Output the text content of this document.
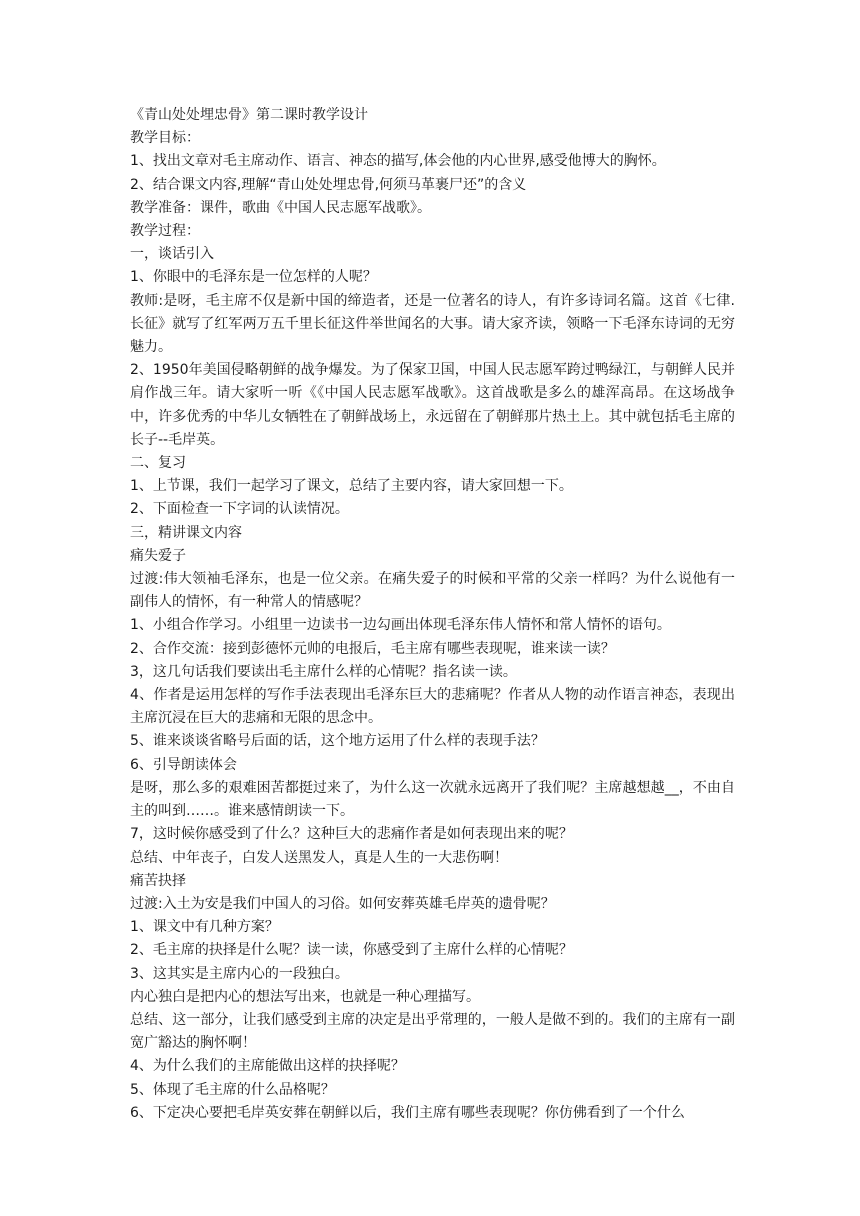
《青山处处埋忠骨》第二课时教学设计

教学目标：

1、找出文章对毛主席动作、语言、神态的描写,体会他的内心世界,感受他博大的胸怀。

2、结合课文内容,理解“青山处处埋忠骨,何须马革裹尸还”的含义

教学准备：课件，歌曲《中国人民志愿军战歌》。

教学过程：

一，谈话引入

1、你眼中的毛泽东是一位怎样的人呢？

教师:是呀，毛主席不仅是新中国的缔造者，还是一位著名的诗人，有许多诗词名篇。这首《七律.长征》就写了红军两万五千里长征这件举世闻名的大事。请大家齐读，领略一下毛泽东诗词的无穷魅力。

2、1950年美国侵略朝鲜的战争爆发。为了保家卫国，中国人民志愿军跨过鸭绿江，与朝鲜人民并肩作战三年。请大家听一听《《中国人民志愿军战歌》。这首战歌是多么的雄浑高昂。在这场战争中，许多优秀的中华儿女牺牲在了朝鲜战场上，永远留在了朝鲜那片热土上。其中就包括毛主席的长子--毛岸英。

二、复习

1、上节课，我们一起学习了课文，总结了主要内容，请大家回想一下。

2、下面检查一下字词的认读情况。

三，精讲课文内容

痛失爱子

过渡:伟大领袖毛泽东，也是一位父亲。在痛失爱子的时候和平常的父亲一样吗？为什么说他有一副伟人的情怀，有一种常人的情感呢？

1、小组合作学习。小组里一边读书一边勾画出体现毛泽东伟人情怀和常人情怀的语句。

2、合作交流：接到彭德怀元帅的电报后，毛主席有哪些表现呢，谁来读一读？

3，这几句话我们要读出毛主席什么样的心情呢？指名读一读。

4、作者是运用怎样的写作手法表现出毛泽东巨大的悲痛呢？作者从人物的动作语言神态，表现出主席沉浸在巨大的悲痛和无限的思念中。

5、谁来谈谈省略号后面的话，这个地方运用了什么样的表现手法？

6、引导朗读体会

是呀，那么多的艰难困苦都挺过来了，为什么这一次就永远离开了我们呢？主席越想越__，不由自主的叫到……。谁来感情朗读一下。

7，这时候你感受到了什么？这种巨大的悲痛作者是如何表现出来的呢？

总结、中年丧子，白发人送黑发人，真是人生的一大悲伤啊！

痛苦抉择

过渡:入土为安是我们中国人的习俗。如何安葬英雄毛岸英的遗骨呢？

1、课文中有几种方案？

2、毛主席的抉择是什么呢？读一读，你感受到了主席什么样的心情呢？

3、这其实是主席内心的一段独白。

内心独白是把内心的想法写出来，也就是一种心理描写。

总结、这一部分，让我们感受到主席的决定是出乎常理的，一般人是做不到的。我们的主席有一副宽广豁达的胸怀啊！

4、为什么我们的主席能做出这样的抉择呢？

5、体现了毛主席的什么品格呢？

6、下定决心要把毛岸英安葬在朝鲜以后，我们主席有哪些表现呢？你仿佛看到了一个什么
